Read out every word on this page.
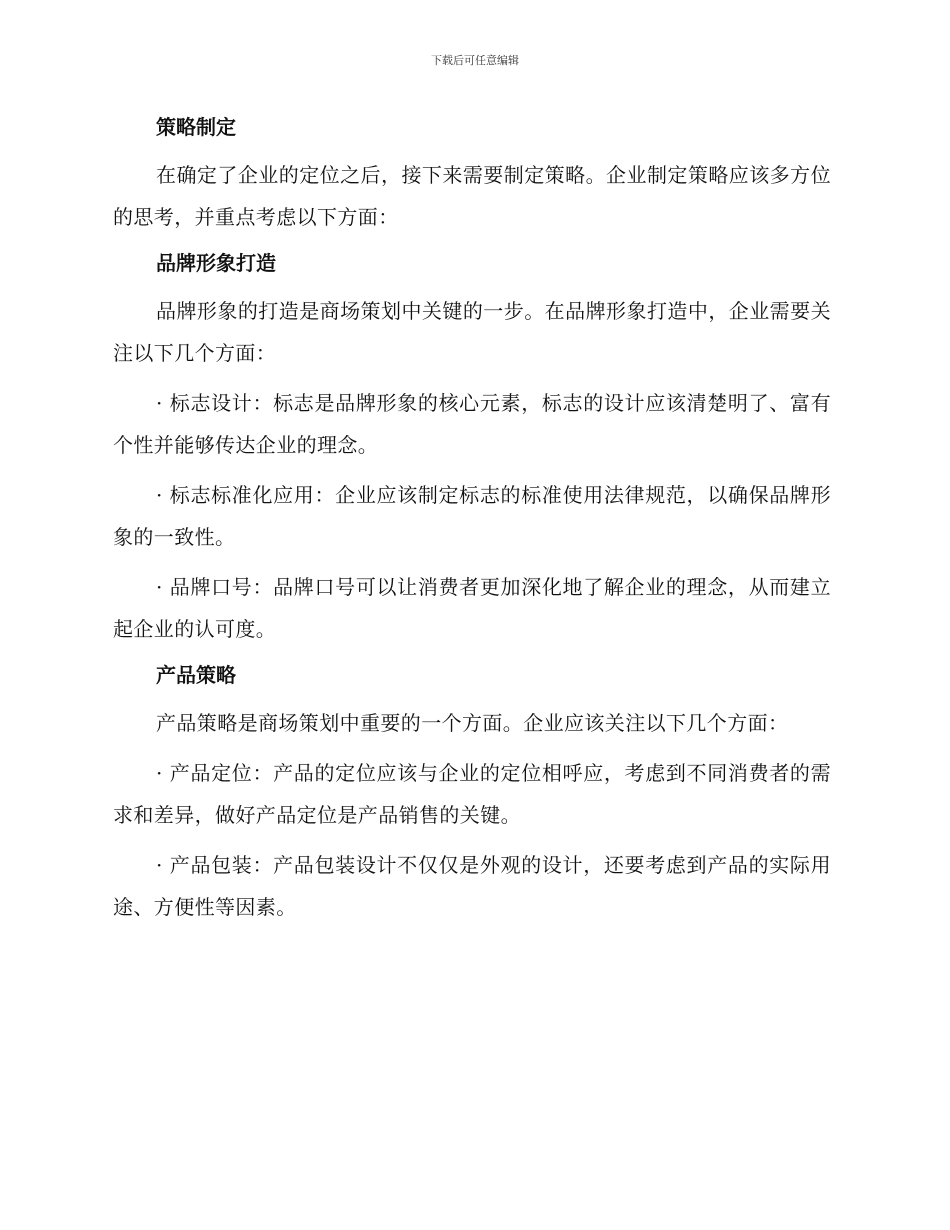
下载后可任意编辑
策略制定

在确定了企业的定位之后，接下来需要制定策略。企业制定策略应该多方位的思考，并重点考虑以下方面：

品牌形象打造

品牌形象的打造是商场策划中关键的一步。在品牌形象打造中，企业需要关注以下几个方面：

· 标志设计：标志是品牌形象的核心元素，标志的设计应该清楚明了、富有个性并能够传达企业的理念。

· 标志标准化应用：企业应该制定标志的标准使用法律规范，以确保品牌形象的一致性。

· 品牌口号：品牌口号可以让消费者更加深化地了解企业的理念，从而建立起企业的认可度。

产品策略

产品策略是商场策划中重要的一个方面。企业应该关注以下几个方面：

· 产品定位：产品的定位应该与企业的定位相呼应，考虑到不同消费者的需求和差异，做好产品定位是产品销售的关键。

· 产品包装：产品包装设计不仅仅是外观的设计，还要考虑到产品的实际用途、方便性等因素。
